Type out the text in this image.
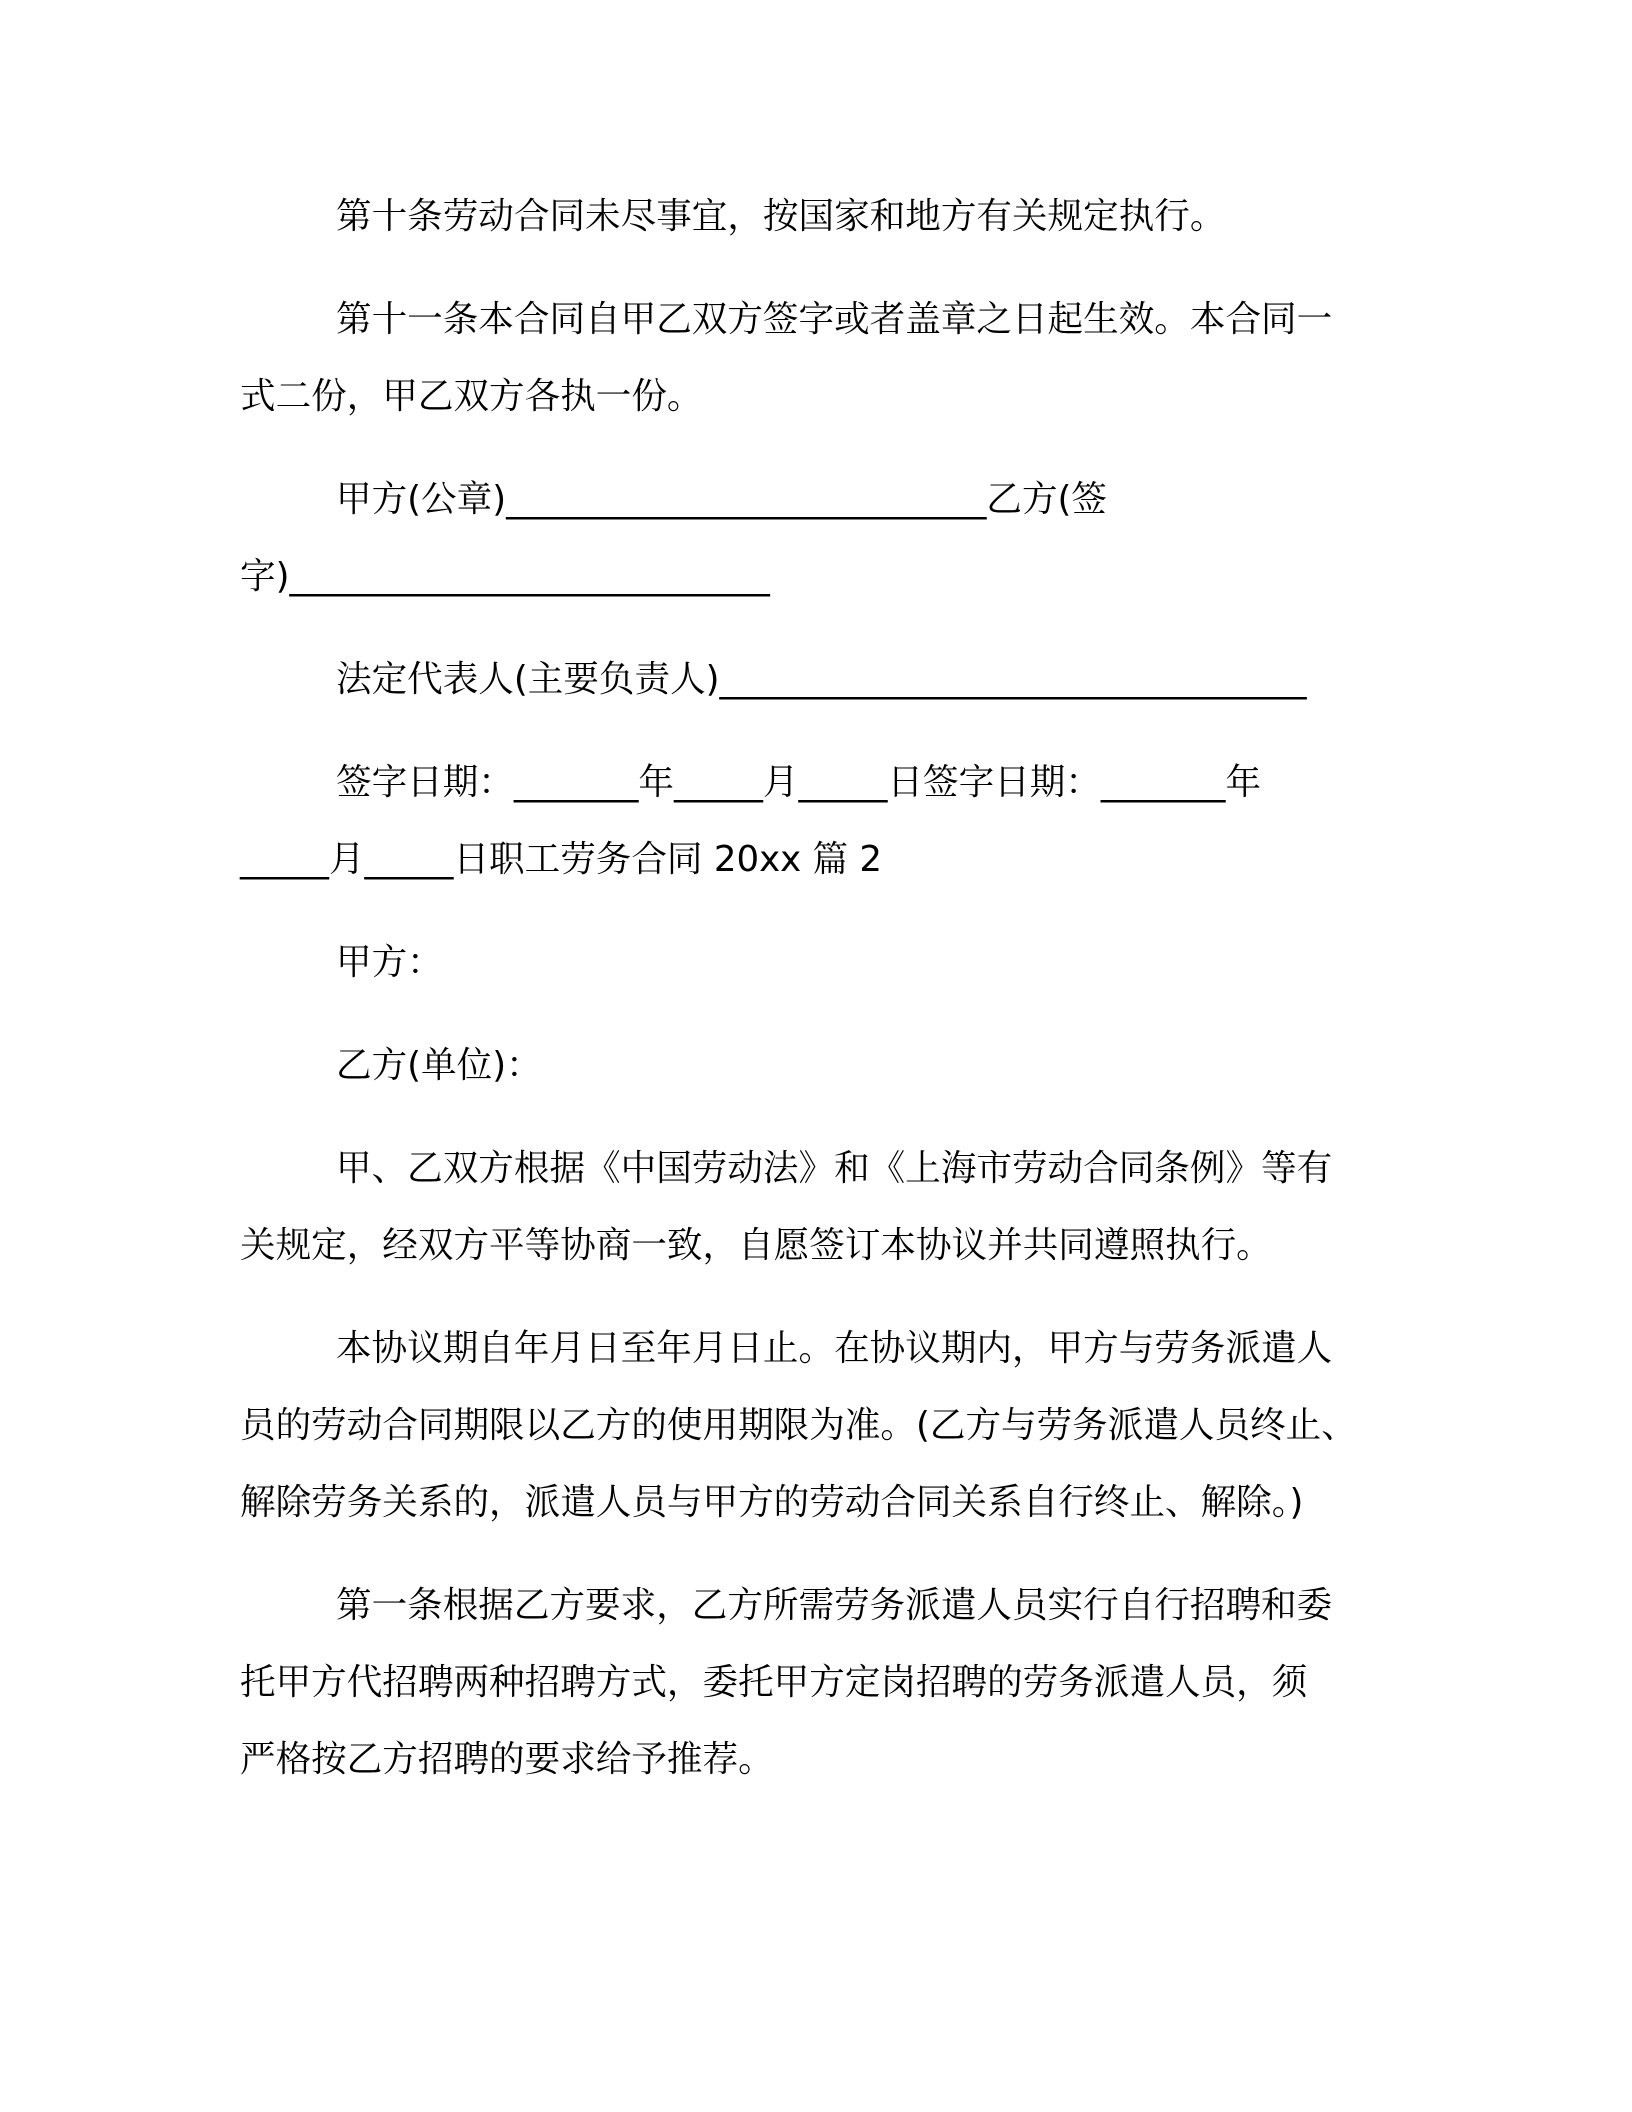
第十条劳动合同未尽事宜，按国家和地方有关规定执行。
第十一条本合同自甲乙双方签字或者盖章之日起生效。本合同一
式二份，甲乙双方各执一份。
甲方(公章)___________________________乙方(签
字)___________________________
法定代表人(主要负责人)_________________________________
签字日期：_______年_____月_____日签字日期：_______年
_____月_____日职工劳务合同 20xx 篇 2
甲方：
乙方(单位)：
甲、乙双方根据《中国劳动法》和《上海市劳动合同条例》等有
关规定，经双方平等协商一致，自愿签订本协议并共同遵照执行。
本协议期自年月日至年月日止。在协议期内，甲方与劳务派遣人
员的劳动合同期限以乙方的使用期限为准。(乙方与劳务派遣人员终止、
解除劳务关系的，派遣人员与甲方的劳动合同关系自行终止、解除。)
第一条根据乙方要求，乙方所需劳务派遣人员实行自行招聘和委
托甲方代招聘两种招聘方式，委托甲方定岗招聘的劳务派遣人员，须
严格按乙方招聘的要求给予推荐。
